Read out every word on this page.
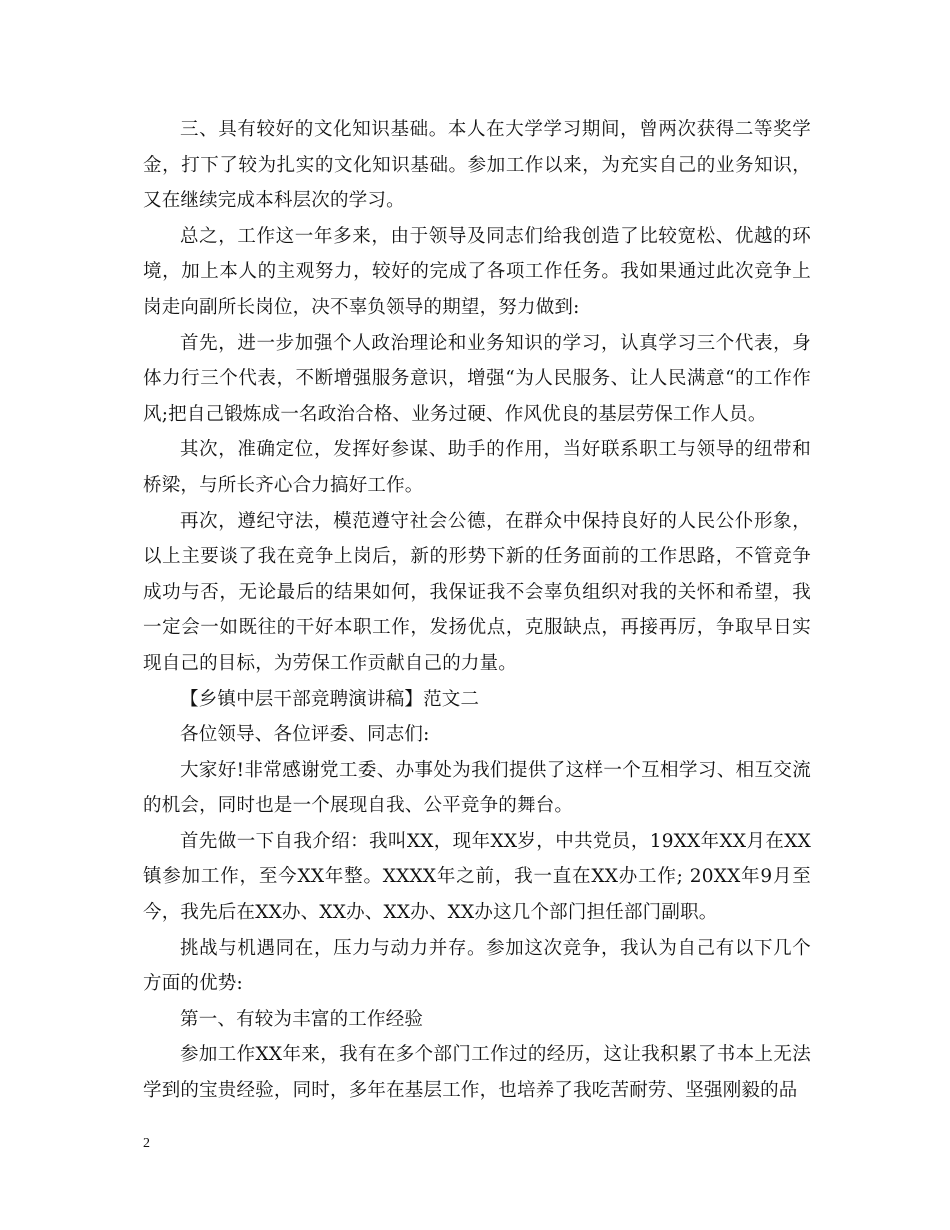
三、具有较好的文化知识基础。本人在大学学习期间，曾两次获得二等奖学金，打下了较为扎实的文化知识基础。参加工作以来，为充实自己的业务知识，又在继续完成本科层次的学习。

总之，工作这一年多来，由于领导及同志们给我创造了比较宽松、优越的环境，加上本人的主观努力，较好的完成了各项工作任务。我如果通过此次竞争上岗走向副所长岗位，决不辜负领导的期望，努力做到:

首先，进一步加强个人政治理论和业务知识的学习，认真学习三个代表，身体力行三个代表，不断增强服务意识，增强“为人民服务、让人民满意“的工作作风;把自己锻炼成一名政治合格、业务过硬、作风优良的基层劳保工作人员。

其次，准确定位，发挥好参谋、助手的作用，当好联系职工与领导的纽带和桥梁，与所长齐心合力搞好工作。

再次，遵纪守法，模范遵守社会公德，在群众中保持良好的人民公仆形象，以上主要谈了我在竞争上岗后，新的形势下新的任务面前的工作思路，不管竞争成功与否，无论最后的结果如何，我保证我不会辜负组织对我的关怀和希望，我一定会一如既往的干好本职工作，发扬优点，克服缺点，再接再厉，争取早日实现自己的目标，为劳保工作贡献自己的力量。

【乡镇中层干部竞聘演讲稿】范文二

各位领导、各位评委、同志们:

大家好!非常感谢党工委、办事处为我们提供了这样一个互相学习、相互交流的机会，同时也是一个展现自我、公平竞争的舞台。

首先做一下自我介绍：我叫XX，现年XX岁，中共党员，19XX年XX月在XX镇参加工作，至今XX年整。XXXX年之前，我一直在XX办工作; 20XX年9月至今，我先后在XX办、XX办、XX办、XX办这几个部门担任部门副职。

挑战与机遇同在，压力与动力并存。参加这次竞争，我认为自己有以下几个方面的优势:

第一、有较为丰富的工作经验

参加工作XX年来，我有在多个部门工作过的经历，这让我积累了书本上无法学到的宝贵经验，同时，多年在基层工作，也培养了我吃苦耐劳、坚强刚毅的品

2
